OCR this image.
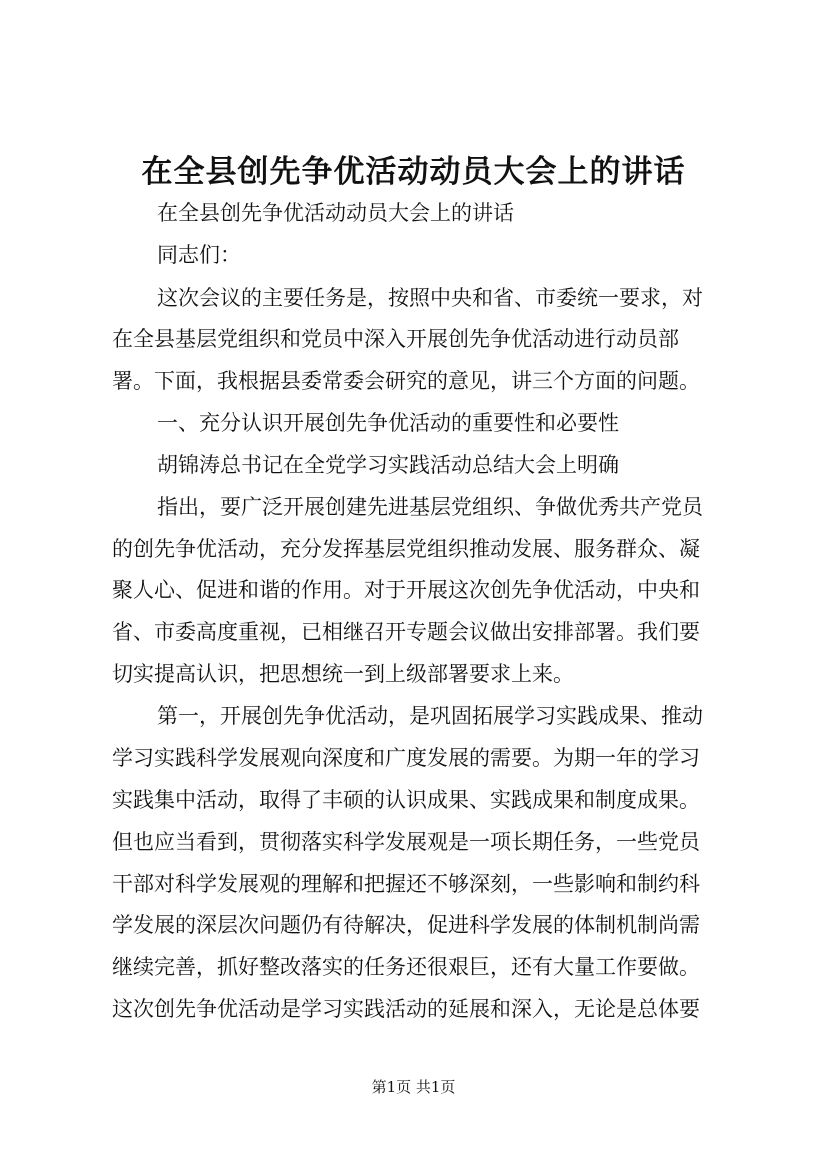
在全县创先争优活动动员大会上的讲话

在全县创先争优活动动员大会上的讲话

同志们：

这次会议的主要任务是，按照中央和省、市委统一要求，对

在全县基层党组织和党员中深入开展创先争优活动进行动员部

署。下面，我根据县委常委会研究的意见，讲三个方面的问题。

一、充分认识开展创先争优活动的重要性和必要性

胡锦涛总书记在全党学习实践活动总结大会上明确

指出，要广泛开展创建先进基层党组织、争做优秀共产党员

的创先争优活动，充分发挥基层党组织推动发展、服务群众、凝

聚人心、促进和谐的作用。对于开展这次创先争优活动，中央和

省、市委高度重视，已相继召开专题会议做出安排部署。我们要

切实提高认识，把思想统一到上级部署要求上来。

第一，开展创先争优活动，是巩固拓展学习实践成果、推动

学习实践科学发展观向深度和广度发展的需要。为期一年的学习

实践集中活动，取得了丰硕的认识成果、实践成果和制度成果。

但也应当看到，贯彻落实科学发展观是一项长期任务，一些党员

干部对科学发展观的理解和把握还不够深刻，一些影响和制约科

学发展的深层次问题仍有待解决，促进科学发展的体制机制尚需

继续完善，抓好整改落实的任务还很艰巨，还有大量工作要做。

这次创先争优活动是学习实践活动的延展和深入，无论是总体要

第1页 共1页
